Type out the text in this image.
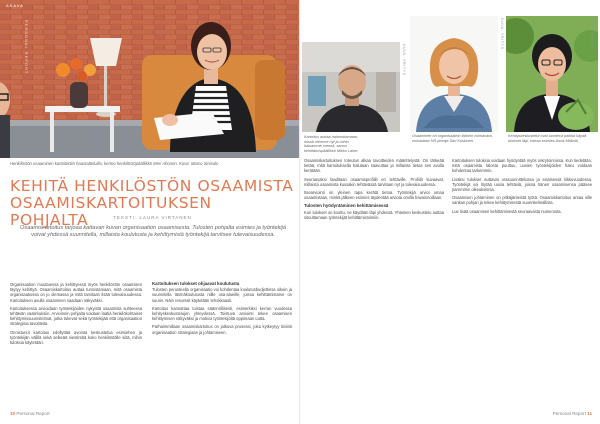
AKAVA
PERSONAL REPORT
Henkilöstön osaaminen kartoitettiin haastatteluilla, kertoo henkilöstöpäällikkö Meri Ahonen. Kuva: Marco Sinisalo
KEHITÄ HENKILÖSTÖN OSAAMISTA
OSAAMISKARTOITUKSEN POHJALTA	TEKSTI: LAURA VIRTANEN
Osaamiskartoitus tarjoaa kattavan kuvan organisaation osaamisesta. Tulosten pohjalta esimies ja työntekijä voivat yhdessä suunnitella, millaista koulutusta ja kehittymistä työntekijä tarvitsee tulevaisuudessa.

Organisaation muuttuessa ja kehittyessä myös henkilöstön osaamisen täytyy kehittyä. Osaamiskartoitus auttaa tunnistamaan, mitä osaamista organisaatiossa on jo olemassa ja mitä tarvitaan lisää tulevaisuudessa. Kartoituksen avulla osaaminen saadaan näkyväksi.

Kartoituksessa arvioidaan työntekijöiden nykyistä osaamista suhteessa tehtävän vaatimuksiin. Arvioinnin pohjalta voidaan laatia henkilökohtaiset kehittymissuunnitelmat, jotka tukevat sekä työntekijää että organisaation strategisia tavoitteita.

Onnistunut kartoitus edellyttää avointa keskustelua esimiehen ja työntekijän välillä sekä selkeää viestintää koko henkilöstölle siitä, mihin tuloksia käytetään.

Kartoituksen tulokset ohjaavat koulutusta

Tulosten perusteella organisaatio voi kohdentaa koulutusbudjettinsa oikein ja suunnitella täsmäkoulutusta niille osa-alueille, joissa kehittämistarve on suurin. Näin resurssit käytetään tehokkaasti.

Kartoitus kannattaa toistaa säännöllisesti, esimerkiksi kerran vuodessa kehityskeskustelujen yhteydessä. Toistuva arviointi tekee osaamisen kehittymisen näkyväksi ja motivoi työntekijöitä oppimaan uutta.

Parhaimmillaan osaamiskartoitus on jatkuva prosessi, joka kytkeytyy tiiviisti organisaation strategiaan ja johtamiseen.

10 Personal Report
Kartoitus auttaa hahmottamaan, missä olemme nyt ja mihin haluamme mennä, sanoo kehittämispäällikkö Mikko Laine.
KUVA: YRITYS
Osaaminen on organisaation tärkein voimavara, muistuttaa HR-johtaja Sari Koskinen.
KUVA: YRITYS
Kehityskeskustelut ovat luonteva paikka käydä tulokset läpi, toteaa esimies Anna Mäkelä.
KUVA: YRITYS

Osaamiskartoituksen toteutus alkaa tavoitteiden määrittelystä. On tärkeää tietää, mitä kartoituksella halutaan saavuttaa ja millaista tietoa sen avulla kerätään.

Seuraavaksi laaditaan osaamisprofiilit eri tehtäville. Profiilit kuvaavat, millaista osaamista kussakin tehtävässä tarvitaan nyt ja tulevaisuudessa.

Itsearviointi on yleinen tapa kerätä tietoa. Työntekijä arvioi omaa osaamistaan, minkä jälkeen esimies täydentää arviota omilla havainnoillaan.

Tulosten hyödyntäminen kehittämisessä

Kun tulokset on koottu, ne käydään läpi yhdessä. Yhteinen keskustelu auttaa sitouttamaan työntekijät kehittämistoimiin.

Kartoituksen tuloksia voidaan hyödyntää myös rekrytoinnissa. Kun tiedetään, mitä osaamista talosta puuttuu, uusien työntekijöiden haku voidaan kohdentaa tarkemmin.

Lisäksi tulokset auttavat urasuunnittelussa ja sisäisessä liikkuvuudessa. Työntekijä voi löytää uusia tehtäviä, joissa hänen osaamisensa pääsee paremmin oikeuksiinsa.

Osaamisen johtaminen on pitkäjänteistä työtä. Osaamiskartoitus antaa sille vankan pohjan ja tekee kehittymisestä suunnitelmallista.

Lue lisää osaamisen kehittämisestä seuraavasta numerosta.

Personal Report 11
